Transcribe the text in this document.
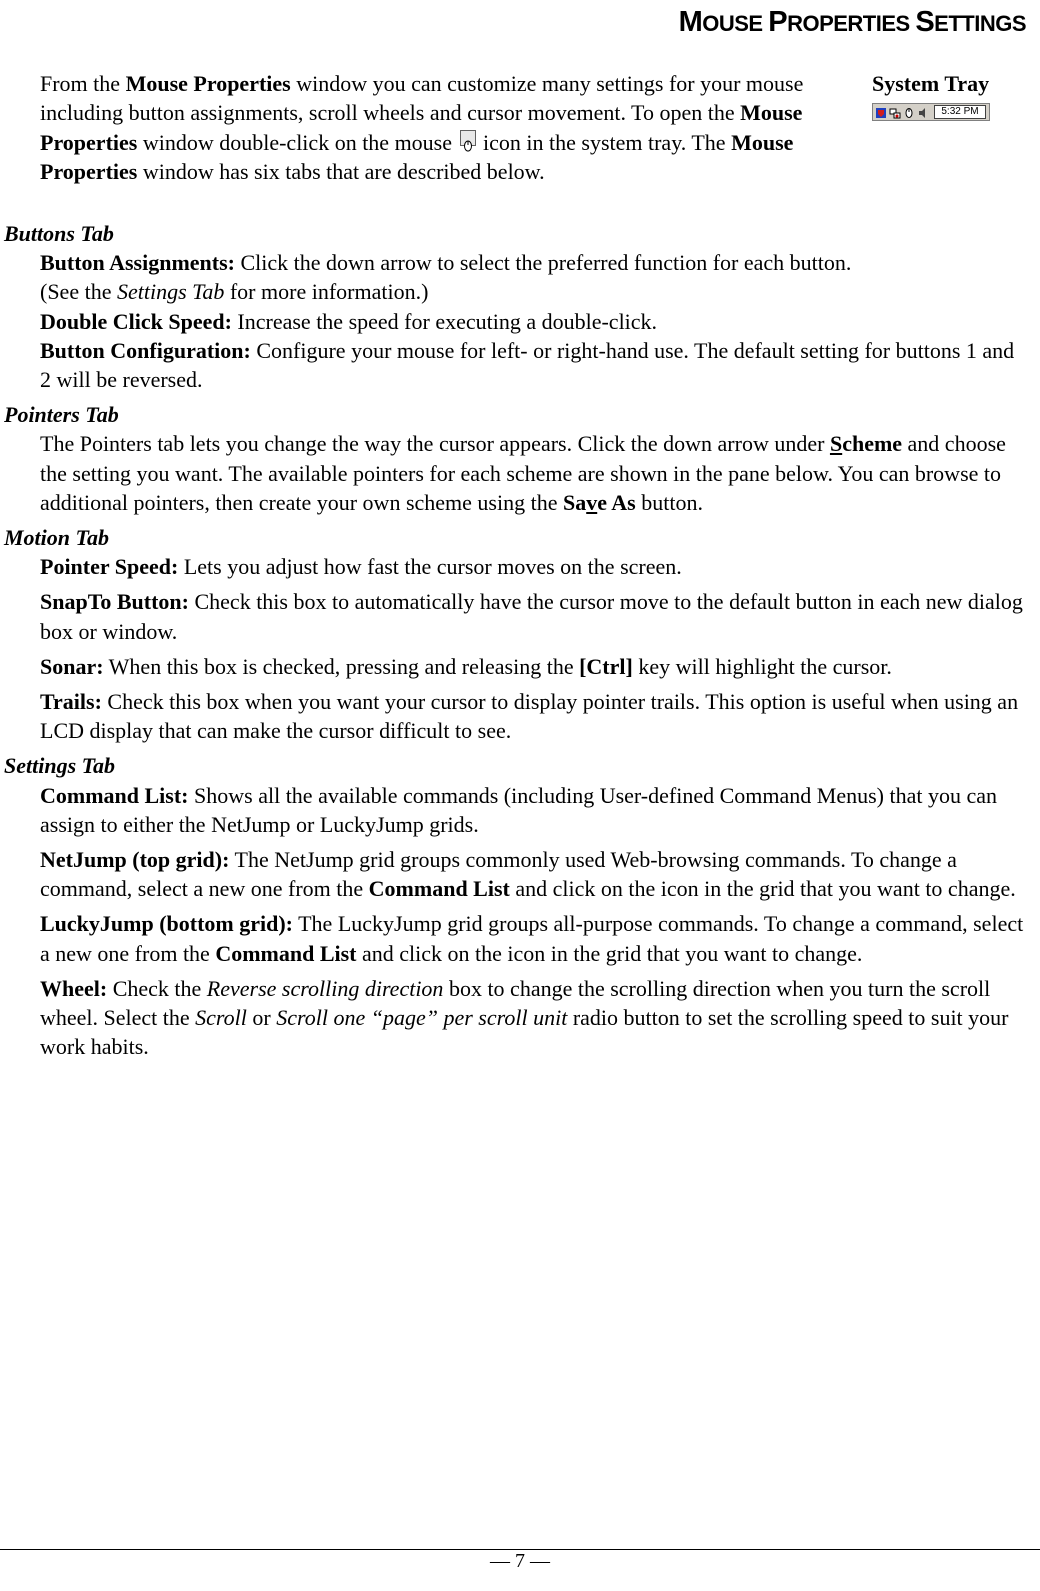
MOUSE PROPERTIES SETTINGS
From the Mouse Properties window you can customize many settings for your mouse including button assignments, scroll wheels and cursor movement. To open the Mouse Properties window double-click on the mouse  icon in the system tray. The Mouse Properties window has six tabs that are described below.
System Tray
5:32 PM
Buttons Tab
Button Assignments: Click the down arrow to select the preferred function for each button.
(See the Settings Tab for more information.)
Double Click Speed: Increase the speed for executing a double-click.
Button Configuration: Configure your mouse for left- or right-hand use. The default setting for buttons 1 and 2 will be reversed.
Pointers Tab
The Pointers tab lets you change the way the cursor appears. Click the down arrow under Scheme and choose the setting you want. The available pointers for each scheme are shown in the pane below. You can browse to additional pointers, then create your own scheme using the Save As button.
Motion Tab
Pointer Speed: Lets you adjust how fast the cursor moves on the screen.
SnapTo Button: Check this box to automatically have the cursor move to the default button in each new dialog box or window.
Sonar: When this box is checked, pressing and releasing the [Ctrl] key will highlight the cursor.
Trails: Check this box when you want your cursor to display pointer trails. This option is useful when using an LCD display that can make the cursor difficult to see.
Settings Tab
Command List: Shows all the available commands (including User-defined Command Menus) that you can assign to either the NetJump or LuckyJump grids.
NetJump (top grid): The NetJump grid groups commonly used Web-browsing commands. To change a command, select a new one from the Command List and click on the icon in the grid that you want to change.
LuckyJump (bottom grid): The LuckyJump grid groups all-purpose commands. To change a command, select a new one from the Command List and click on the icon in the grid that you want to change.
Wheel: Check the Reverse scrolling direction box to change the scrolling direction when you turn the scroll wheel. Select the Scroll or Scroll one “page” per scroll unit radio button to set the scrolling speed to suit your work habits.
— 7 —
